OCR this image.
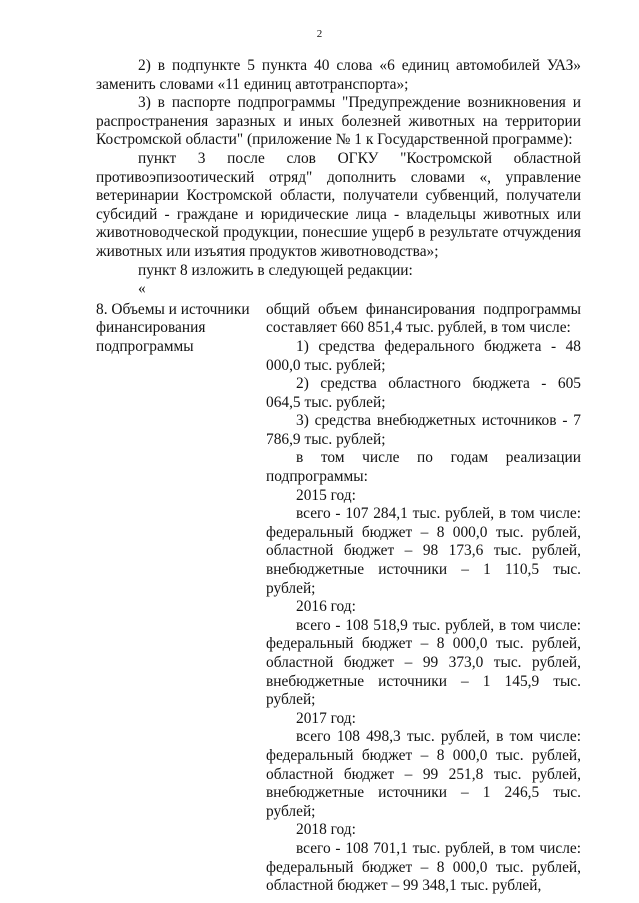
2

2) в подпункте 5 пункта 40 слова «6 единиц автомобилей УАЗ» заменить словами «11 единиц автотранспорта»;

3) в паспорте подпрограммы "Предупреждение возникновения и распространения заразных и иных болезней животных на территории Костромской области" (приложение № 1 к Государственной программе):

пункт 3 после слов ОГКУ "Костромской областной противоэпизоотический отряд" дополнить словами «, управление ветеринарии Костромской области, получатели субвенций, получатели субсидий - граждане и юридические лица - владельцы животных или животноводческой продукции, понесшие ущерб в результате отчуждения животных или изъятия продуктов животноводства»;

пункт 8 изложить в следующей редакции:

«

8. Объемы и источники финансирования подпрограммы

общий объем финансирования подпрограммы составляет 660 851,4 тыс. рублей, в том числе:

1) средства федерального бюджета - 48 000,0 тыс. рублей;

2) средства областного бюджета - 605 064,5 тыс. рублей;

3) средства внебюджетных источников - 7 786,9 тыс. рублей;

в том числе по годам реализации подпрограммы:

2015 год:

всего - 107 284,1 тыс. рублей, в том числе: федеральный бюджет – 8 000,0 тыс. рублей, областной бюджет – 98 173,6 тыс. рублей, внебюджетные источники – 1 110,5 тыс. рублей;

2016 год:

всего - 108 518,9 тыс. рублей, в том числе: федеральный бюджет – 8 000,0 тыс. рублей, областной бюджет – 99 373,0 тыс. рублей, внебюджетные источники – 1 145,9 тыс. рублей;

2017 год:

всего 108 498,3 тыс. рублей, в том числе: федеральный бюджет – 8 000,0 тыс. рублей, областной бюджет – 99 251,8 тыс. рублей, внебюджетные источники – 1 246,5 тыс. рублей;

2018 год:

всего - 108 701,1 тыс. рублей, в том числе: федеральный бюджет – 8 000,0 тыс. рублей, областной бюджет – 99 348,1 тыс. рублей,
